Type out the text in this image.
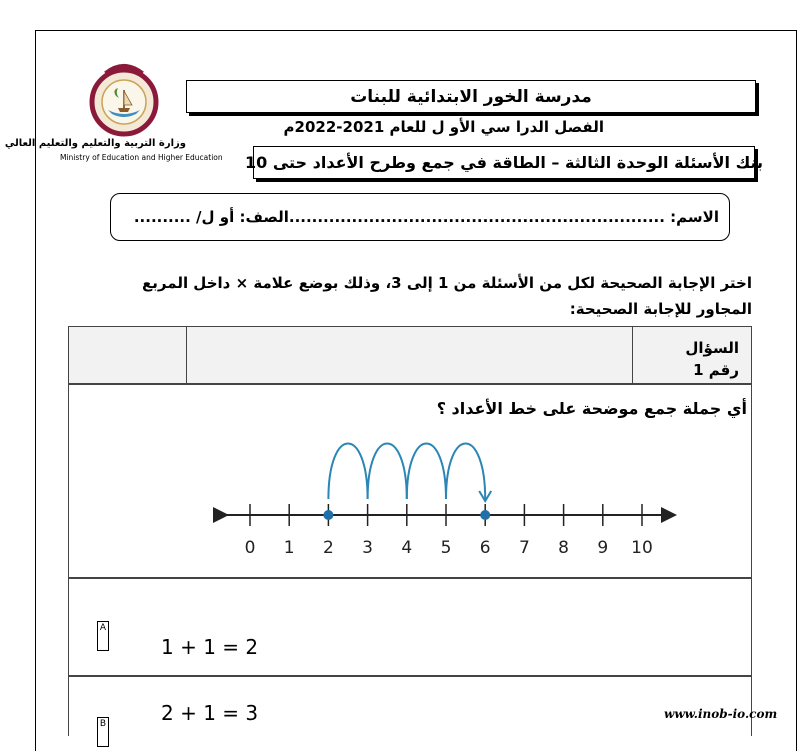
وزارة التربية والتعليم والتعليم العالي
Ministry of Education and Higher Education
مدرسة الخور الابتدائية للبنات
الفصل الدرا سي الأو ل للعام 2021-2022م
بنك الأسئلة الوحدة الثالثة – الطاقة في جمع وطرح الأعداد حتى 10
الاسم: ..................................................................الصف: أو ل/ ..........
اختر الإجابة الصحيحة لكل من الأسئلة من 1 إلى 3، وذلك بوضع علامة × داخل المربع
المجاور للإجابة الصحيحة:
السؤال
رقم 1
أي جملة جمع موضحة على خط الأعداد ؟
0 1 2 3 4 5 6 7 8 9 10
A
1 + 1 = 2
B	2 + 1 = 3	www.inob-io.com
